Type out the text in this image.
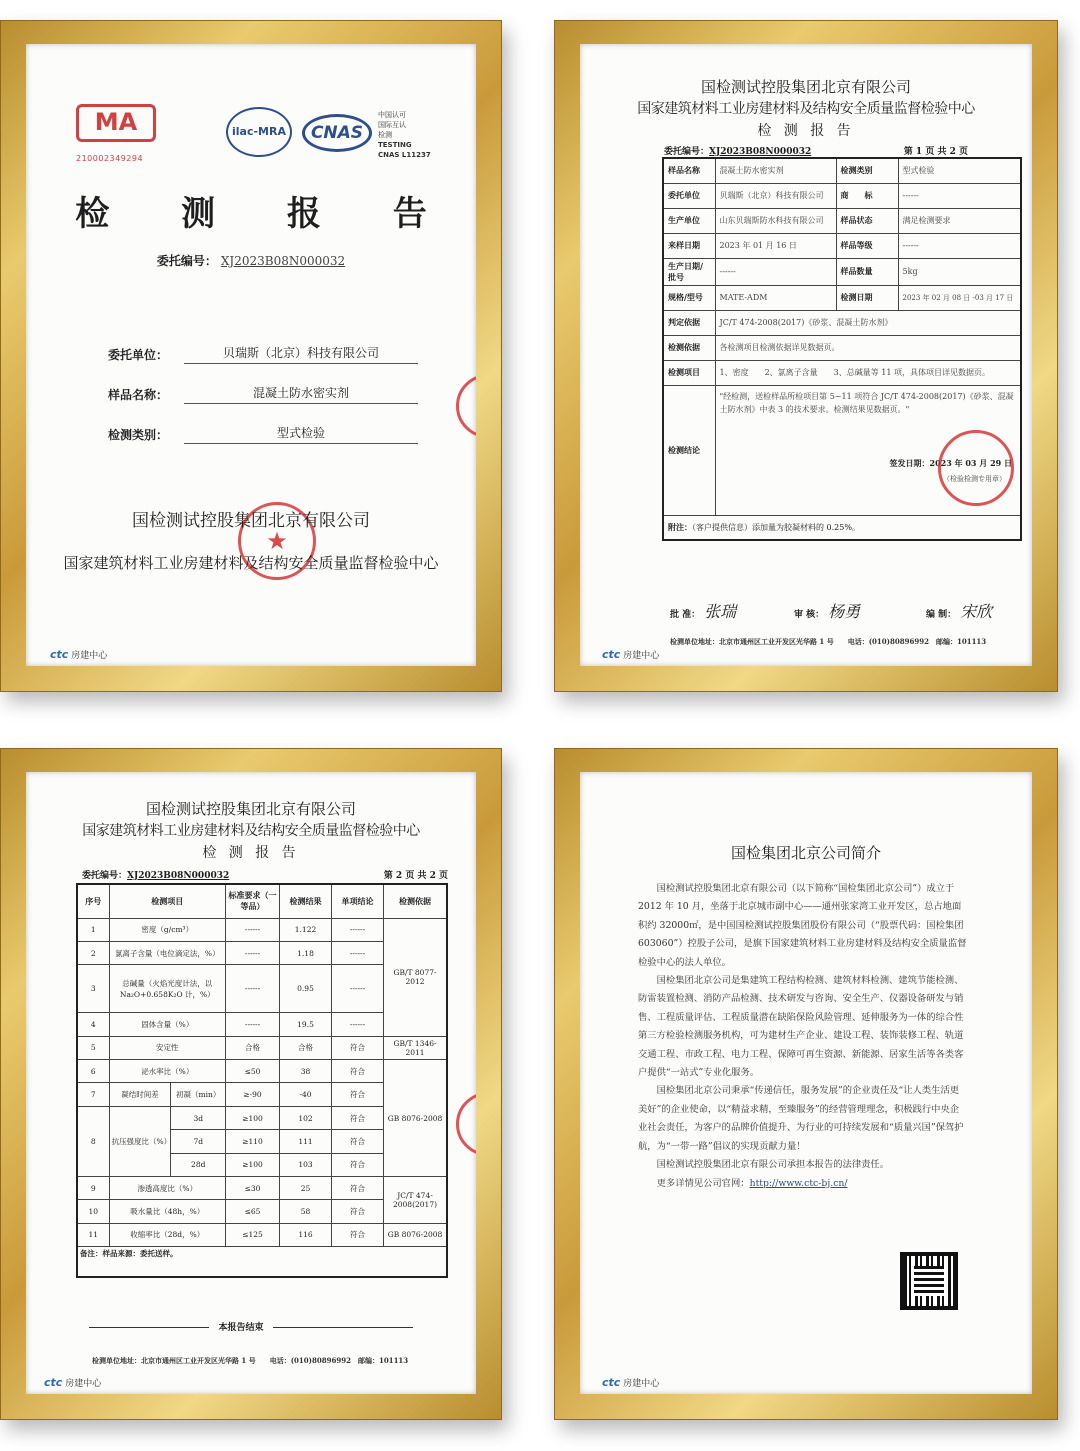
MA
210002349294
ilac-MRA	CNAS
中国认可
国际互认
检测
TESTING
CNAS L11237
检 测 报 告
委托编号： XJ2023B08N000032
委托单位：	贝瑞斯（北京）科技有限公司
样品名称：	混凝土防水密实剂
检测类别：	型式检验
★
国检测试控股集团北京有限公司
国家建筑材料工业房建材料及结构安全质量监督检验中心
ctc 房建中心
国检测试控股集团北京有限公司
国家建筑材料工业房建材料及结构安全质量监督检验中心
检 测 报 告
委托编号：XJ2023B08N000032	第 1 页 共 2 页
样品名称	混凝土防水密实剂	检测类别	型式检验
委托单位	贝瑞斯（北京）科技有限公司	商　　标	------
生产单位	山东贝瑞斯防水科技有限公司	样品状态	满足检测要求
来样日期	2023 年 01 月 16 日	样品等级	------
生产日期/批号	------	样品数量	5kg
规格/型号	MATE-ADM	检测日期	2023 年 02 月 08 日 -03 月 17 日
判定依据	JC/T 474-2008(2017)《砂浆、混凝土防水剂》		
检测依据	各检测项目检测依据详见数据页。		
检测项目	1、密度　　2、氯离子含量　　3、总碱量等 11 项，具体项目详见数据页。		
检测结论	"经检测，送检样品所检项目第 5~11 项符合 JC/T 474-2008(2017)《砂浆、混凝土防水剂》中表 3 的技术要求。检测结果见数据页。"
签发日期：2023 年 03 月 29 日
（检验检测专用章）		

附注：（客户提供信息）添加量为胶凝材料的 0.25%。			
批 准： 张瑞	审 核： 杨勇	编 制： 宋欣
检测单位地址：北京市通州区工业开发区光华路 1 号　　 电话：(010)80896992　 邮编：101113
ctc 房建中心
国检测试控股集团北京有限公司
国家建筑材料工业房建材料及结构安全质量监督检验中心
检 测 报 告
委托编号：XJ2023B08N000032	第 2 页 共 2 页
序号	检测项目		标准要求（一等品）	检测结果	单项结论	检测依据
1	密度（g/cm³）		------	1.122	------	GB/T 8077-2012
2	氯离子含量（电位滴定法，%）		------	1.18	------	
3	总碱量（火焰光度计法，以 Na₂O+0.658K₂O 计，%）		------	0.95	------	
4	固体含量（%）		------	19.5	------	
5	安定性		合格	合格	符合	GB/T 1346-2011
6	泌水率比（%）		≤50	38	符合	GB 8076-2008
7	凝结时间差	初凝（min）	≥-90	-40	符合	
8	抗压强度比（%）	3d	≥100	102	符合	
		7d	≥110	111	符合	
		28d	≥100	103	符合	
9	渗透高度比（%）		≤30	25	符合	JC/T 474-2008(2017)
10	吸水量比（48h，%）		≤65	58	符合	
11	收缩率比（28d，%）		≤125	116	符合	GB 8076-2008
备注：样品来源：委托送样。						
本报告结束
检测单位地址：北京市通州区工业开发区光华路 1 号　　 电话：(010)80896992　 邮编：101113
ctc 房建中心
国检集团北京公司简介

国检测试控股集团北京有限公司（以下简称“国检集团北京公司”）成立于 2012 年 10 月，坐落于北京城市副中心——通州张家湾工业开发区，总占地面积约 32000㎡，是中国国检测试控股集团股份有限公司（“股票代码：国检集团 603060”）控股子公司，是旗下国家建筑材料工业房建材料及结构安全质量监督检验中心的法人单位。

国检集团北京公司是集建筑工程结构检测、建筑材料检测、建筑节能检测、防雷装置检测、消防产品检测、技术研发与咨询、安全生产、仪器设备研发与销售、工程质量评估、工程质量潜在缺陷保险风险管理、延伸服务为一体的综合性第三方检验检测服务机构，可为建材生产企业、建设工程、装饰装修工程、轨道交通工程、市政工程、电力工程、保障可再生资源、新能源、居家生活等各类客户提供“一站式”专业化服务。

国检集团北京公司秉承“传递信任，服务发展”的企业责任及“让人类生活更美好”的企业使命，以“精益求精，至臻服务”的经营管理理念，积极践行中央企业社会责任，为客户的品牌价值提升、为行业的可持续发展和“质量兴国”保驾护航，为“一带一路”倡议的实现贡献力量！

国检测试控股集团北京有限公司承担本报告的法律责任。

更多详情见公司官网：http://www.ctc-bj.cn/

ctc 房建中心
